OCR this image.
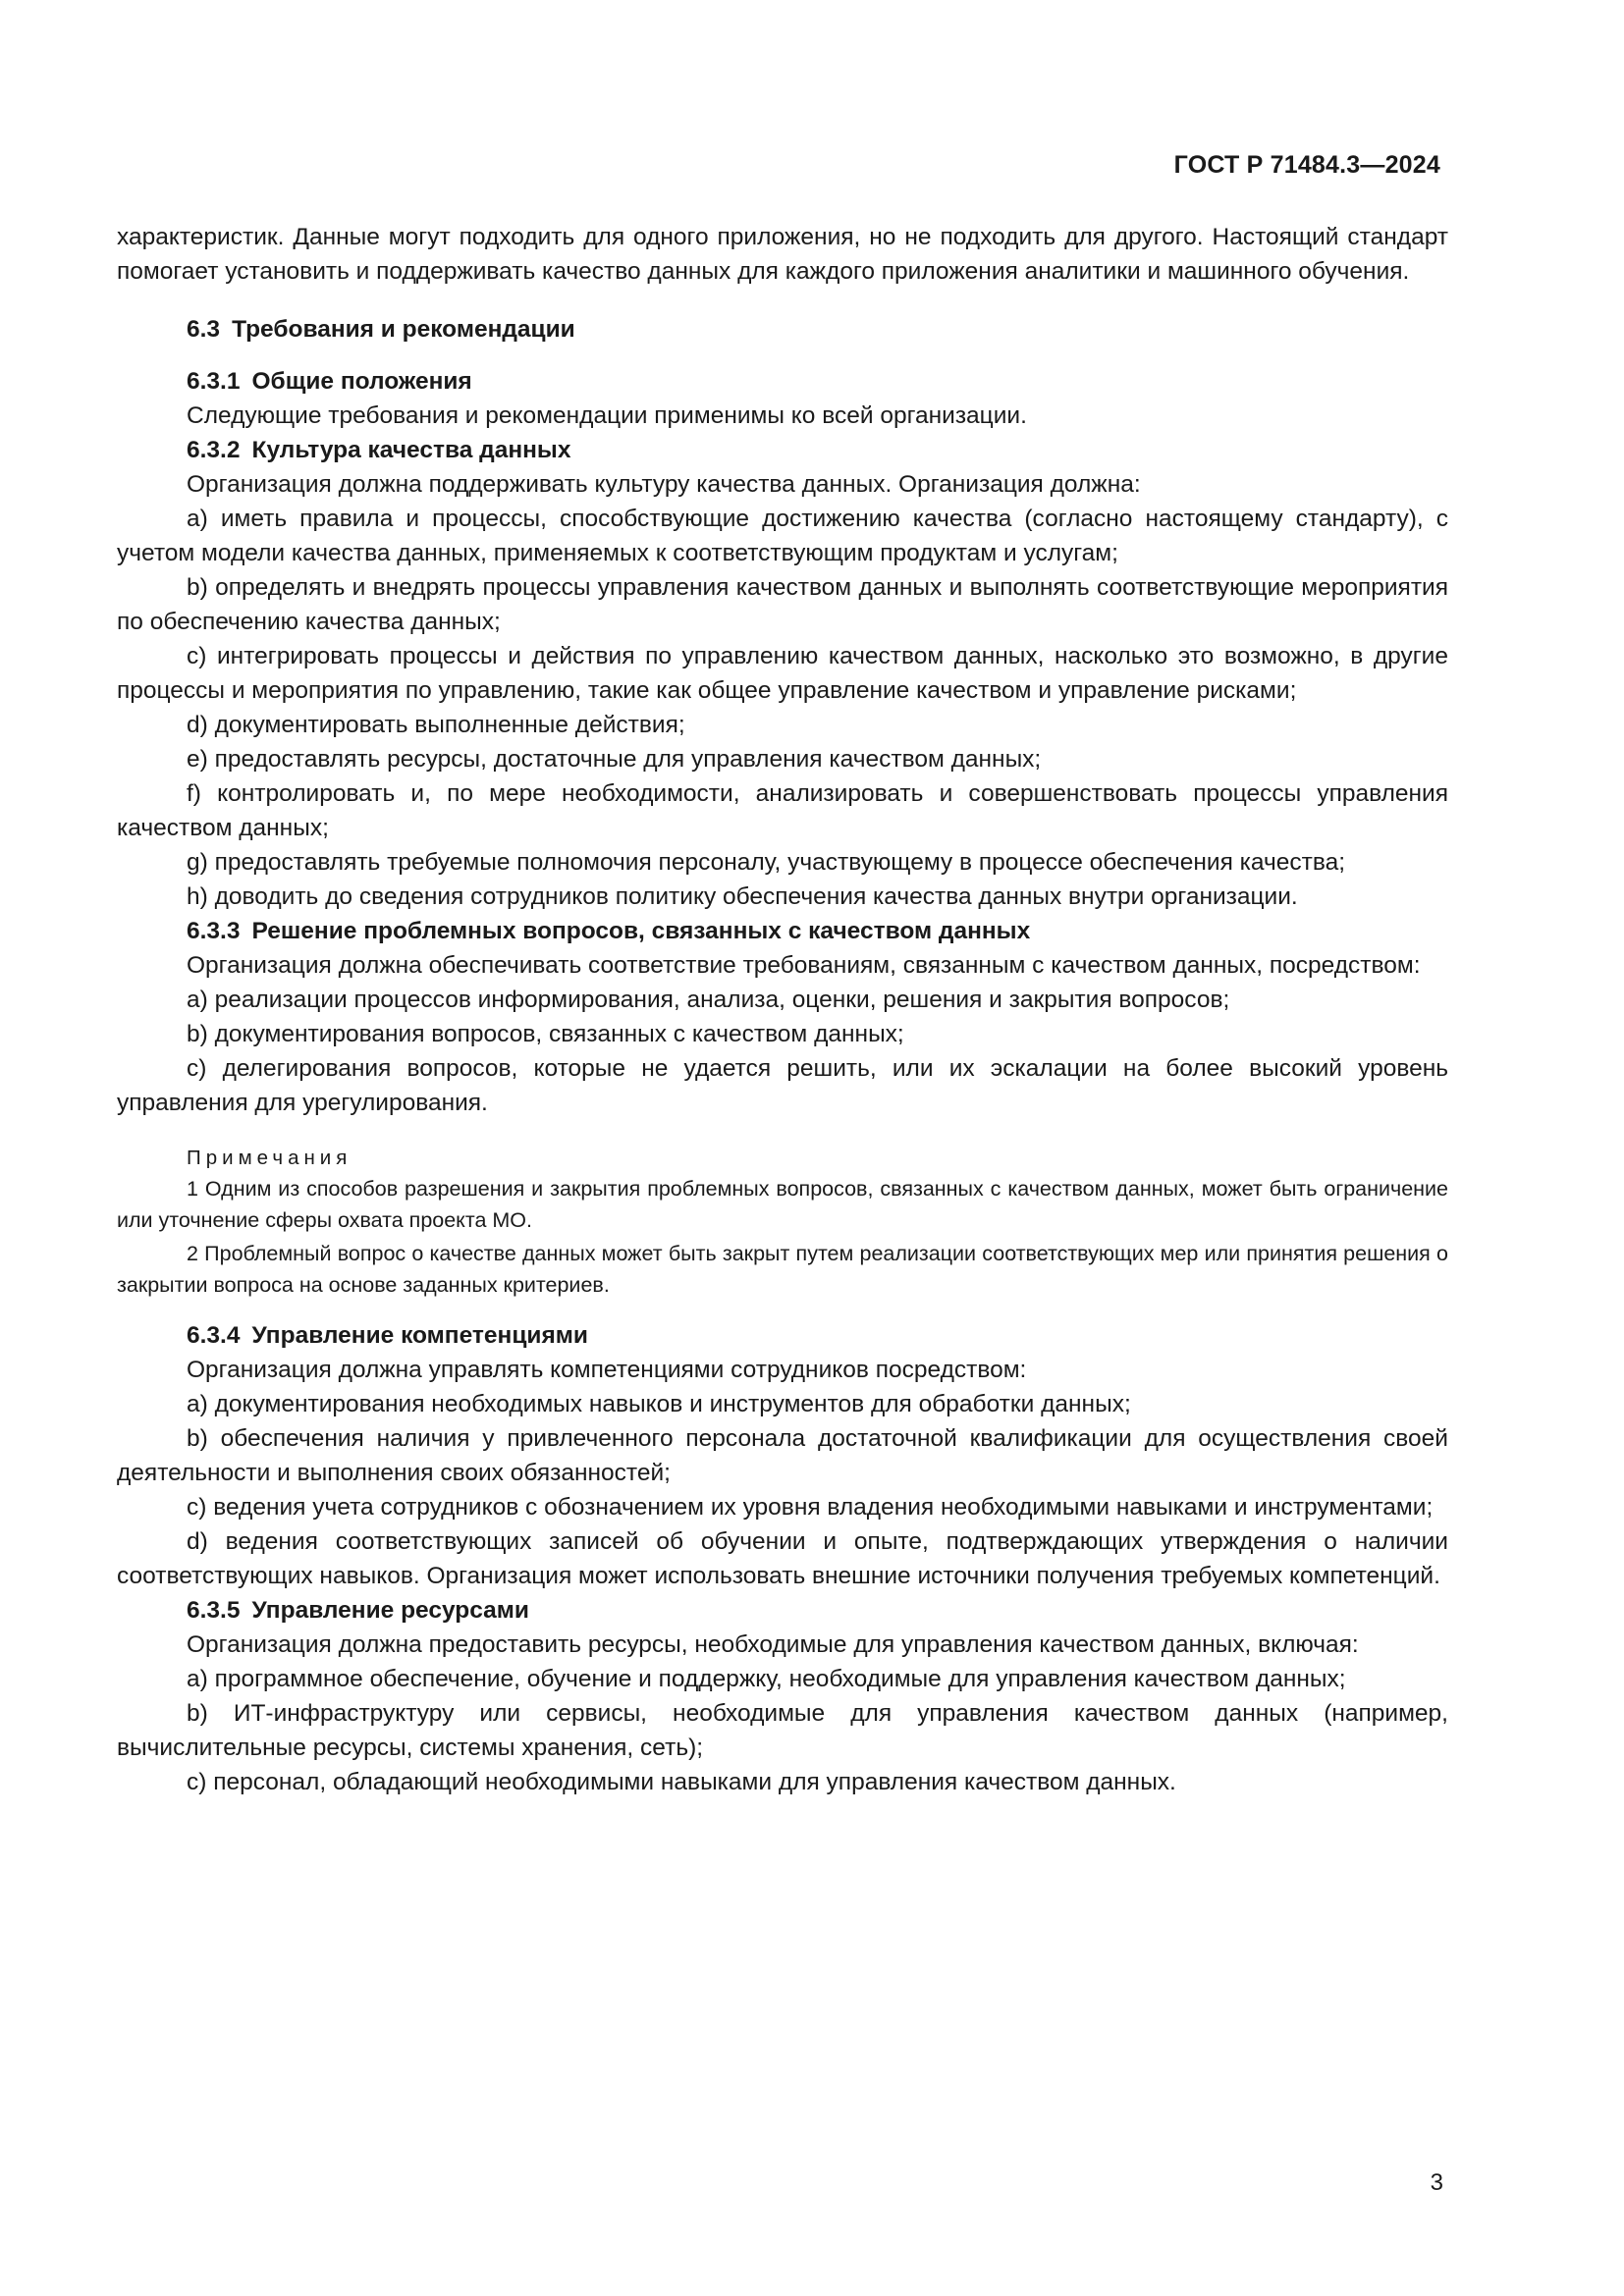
ГОСТ Р 71484.3—2024

характеристик. Данные могут подходить для одного приложения, но не подходить для другого. Настоящий стандарт помогает установить и поддерживать качество данных для каждого приложения аналитики и машинного обучения.

6.3 Требования и рекомендации
6.3.1 Общие положения

Следующие требования и рекомендации применимы ко всей организации.

6.3.2 Культура качества данных

Организация должна поддерживать культуру качества данных. Организация должна:

a) иметь правила и процессы, способствующие достижению качества (согласно настоящему стандарту), с учетом модели качества данных, применяемых к соответствующим продуктам и услугам;

b) определять и внедрять процессы управления качеством данных и выполнять соответствующие мероприятия по обеспечению качества данных;

c) интегрировать процессы и действия по управлению качеством данных, насколько это возможно, в другие процессы и мероприятия по управлению, такие как общее управление качеством и управление рисками;

d) документировать выполненные действия;

e) предоставлять ресурсы, достаточные для управления качеством данных;

f) контролировать и, по мере необходимости, анализировать и совершенствовать процессы управления качеством данных;

g) предоставлять требуемые полномочия персоналу, участвующему в процессе обеспечения качества;

h) доводить до сведения сотрудников политику обеспечения качества данных внутри организации.

6.3.3 Решение проблемных вопросов, связанных с качеством данных

Организация должна обеспечивать соответствие требованиям, связанным с качеством данных, посредством:

a) реализации процессов информирования, анализа, оценки, решения и закрытия вопросов;

b) документирования вопросов, связанных с качеством данных;

c) делегирования вопросов, которые не удается решить, или их эскалации на более высокий уровень управления для урегулирования.

Примечания

1 Одним из способов разрешения и закрытия проблемных вопросов, связанных с качеством данных, может быть ограничение или уточнение сферы охвата проекта МО.

2 Проблемный вопрос о качестве данных может быть закрыт путем реализации соответствующих мер или принятия решения о закрытии вопроса на основе заданных критериев.

6.3.4 Управление компетенциями

Организация должна управлять компетенциями сотрудников посредством:

a) документирования необходимых навыков и инструментов для обработки данных;

b) обеспечения наличия у привлеченного персонала достаточной квалификации для осуществления своей деятельности и выполнения своих обязанностей;

c) ведения учета сотрудников с обозначением их уровня владения необходимыми навыками и инструментами;

d) ведения соответствующих записей об обучении и опыте, подтверждающих утверждения о наличии соответствующих навыков. Организация может использовать внешние источники получения требуемых компетенций.

6.3.5 Управление ресурсами

Организация должна предоставить ресурсы, необходимые для управления качеством данных, включая:

a) программное обеспечение, обучение и поддержку, необходимые для управления качеством данных;

b) ИТ-инфраструктуру или сервисы, необходимые для управления качеством данных (например, вычислительные ресурсы, системы хранения, сеть);

c) персонал, обладающий необходимыми навыками для управления качеством данных.

3
